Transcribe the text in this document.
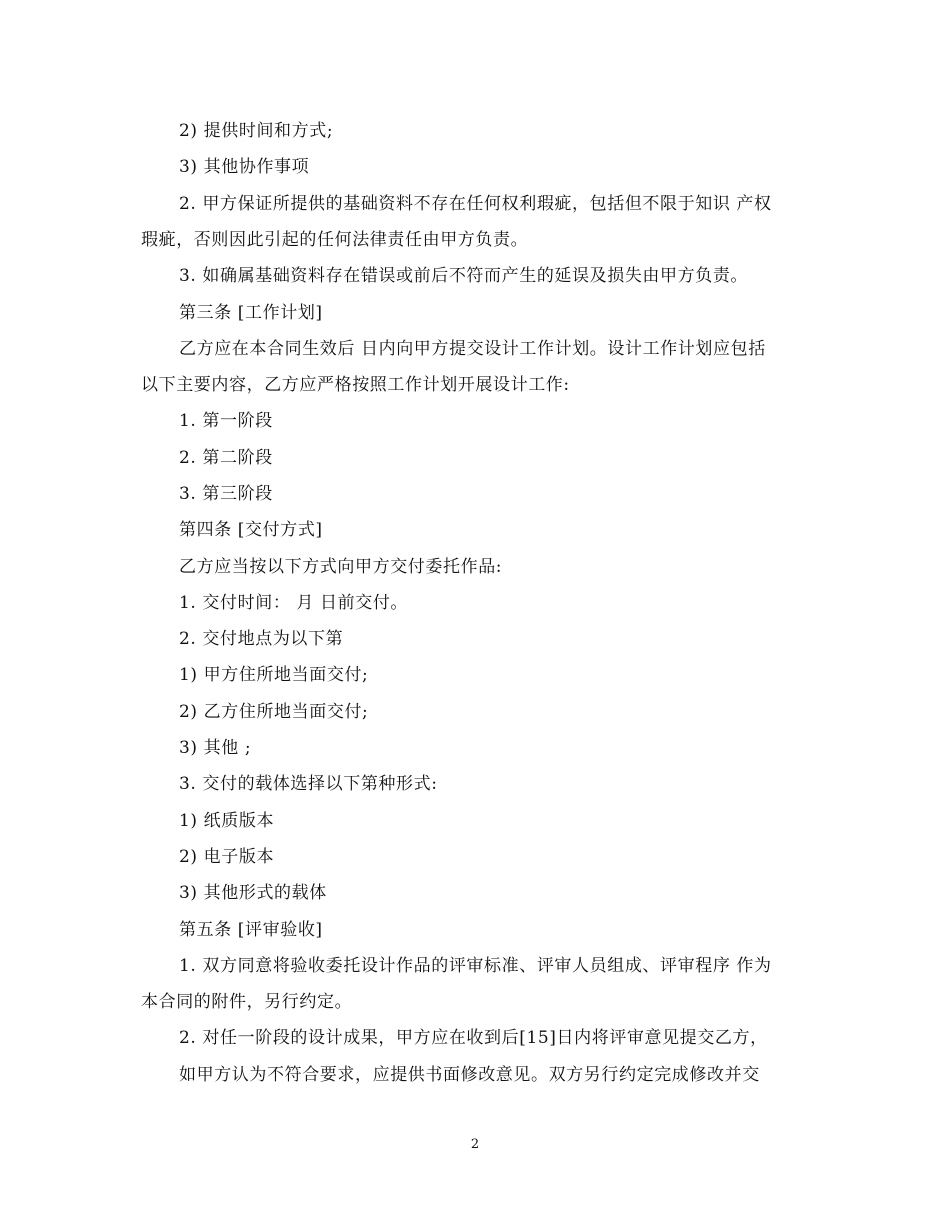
2) 提供时间和方式;
3) 其他协作事项
2. 甲方保证所提供的基础资料不存在任何权利瑕疵，包括但不限于知识 产权
瑕疵，否则因此引起的任何法律责任由甲方负责。
3. 如确属基础资料存在错误或前后不符而产生的延误及损失由甲方负责。
第三条 [工作计划]
乙方应在本合同生效后 日内向甲方提交设计工作计划。设计工作计划应包括
以下主要内容，乙方应严格按照工作计划开展设计工作:
1. 第一阶段
2. 第二阶段
3. 第三阶段
第四条 [交付方式]
乙方应当按以下方式向甲方交付委托作品:
1. 交付时间： 月 日前交付。
2. 交付地点为以下第
1) 甲方住所地当面交付;
2) 乙方住所地当面交付;
3) 其他 ;
3. 交付的载体选择以下第种形式:
1) 纸质版本
2) 电子版本
3) 其他形式的载体
第五条 [评审验收]
1. 双方同意将验收委托设计作品的评审标准、评审人员组成、评审程序 作为
本合同的附件，另行约定。
2. 对任一阶段的设计成果，甲方应在收到后[15]日内将评审意见提交乙方，
如甲方认为不符合要求，应提供书面修改意见。双方另行约定完成修改并交
2
